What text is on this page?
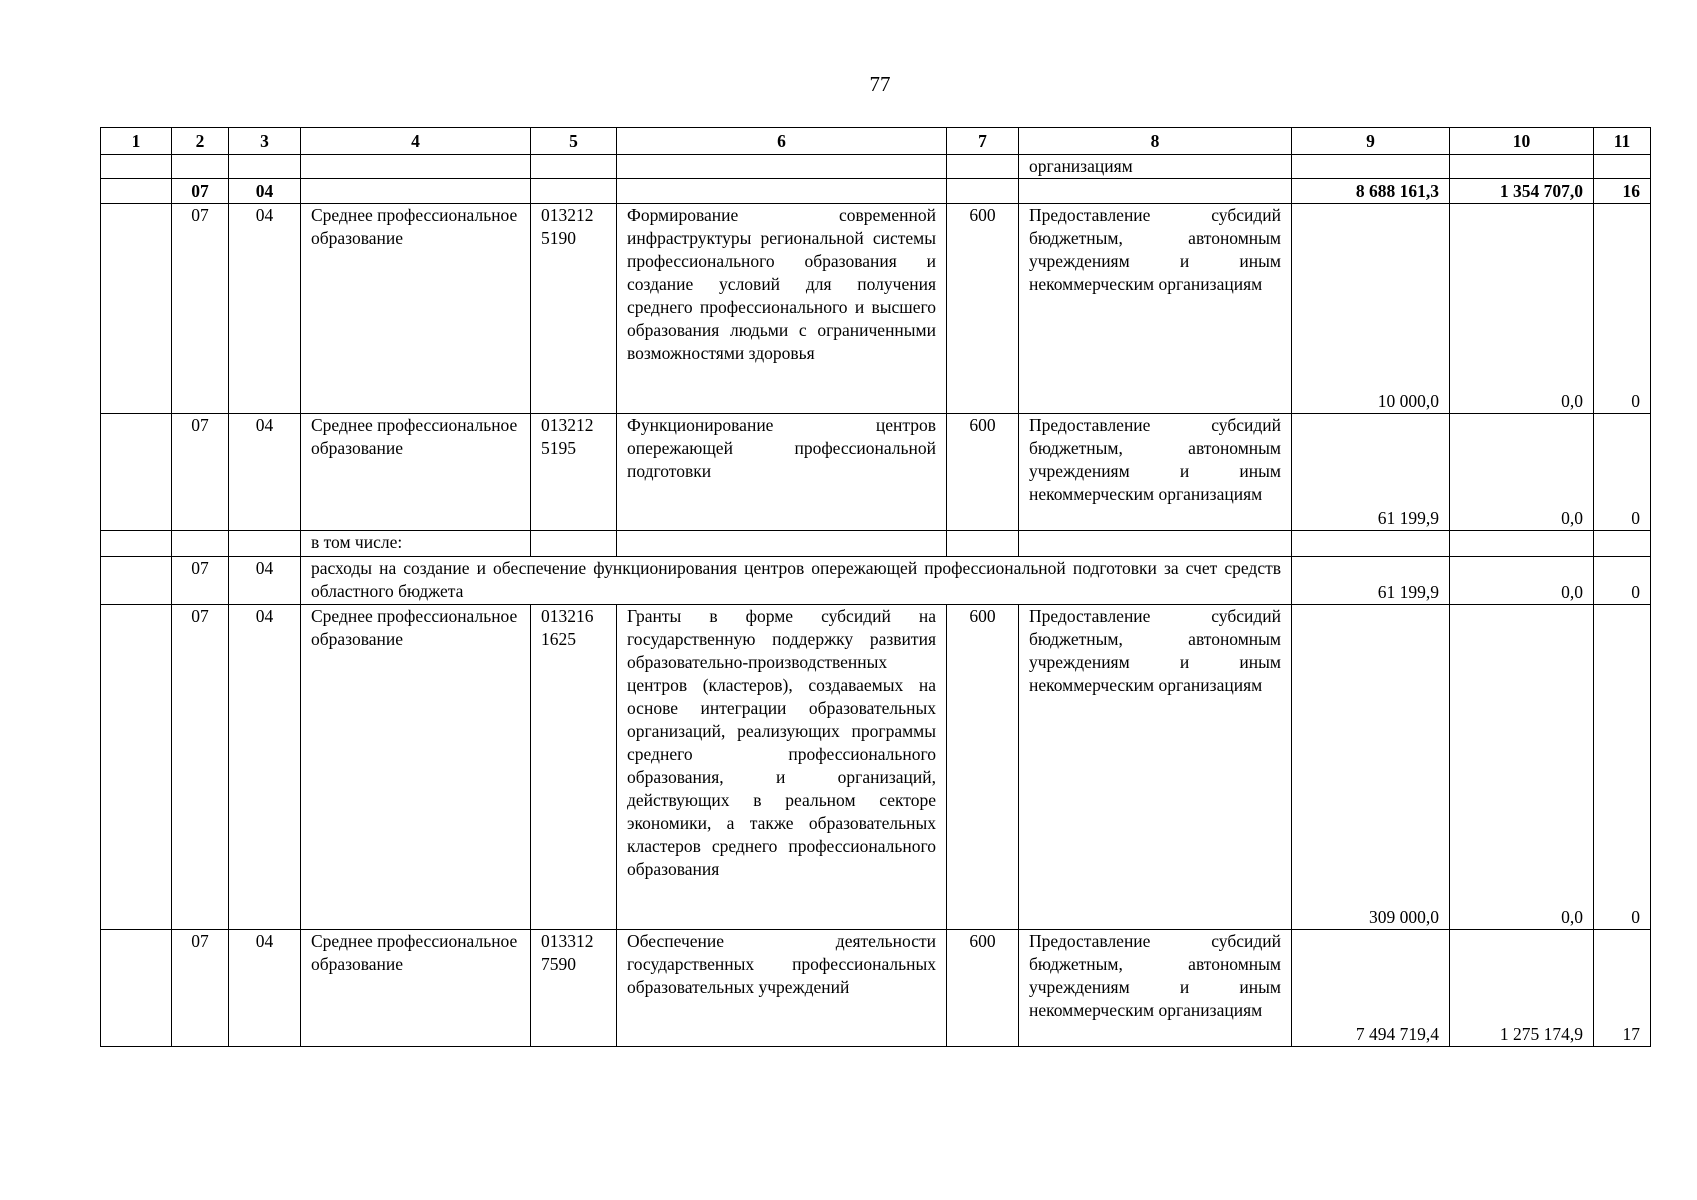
77
1	2	3	4	5	6	7	8	9	10	11
							организациям			
	07	04						8 688 161,3	1 354 707,0	16
	07	04	Среднее профессиональное образование	013212 5190	Формирование современной инфраструктуры региональной системы профессионального образования и создание условий для получения среднего профессионального и высшего образования людьми с ограниченными возможностями здоровья	600	Предоставление субсидий бюджетным, автономным учреждениям и иным некоммерческим организациям	10 000,0	0,0	0
	07	04	Среднее профессиональное образование	013212 5195	Функционирование центров опережающей профессиональной подготовки	600	Предоставление субсидий бюджетным, автономным учреждениям и иным некоммерческим организациям	61 199,9	0,0	0
			в том числе:							
	07	04	расходы на создание и обеспечение функционирования центров опережающей профессиональной подготовки за счет средств областного бюджета					61 199,9	0,0	0
	07	04	Среднее профессиональное образование	013216 1625	Гранты в форме субсидий на государственную поддержку развития образовательно-производственных центров (кластеров), создаваемых на основе интеграции образовательных организаций, реализующих программы среднего профессионального образования, и организаций, действующих в реальном секторе экономики, а также образовательных кластеров среднего профессионального образования	600	Предоставление субсидий бюджетным, автономным учреждениям и иным некоммерческим организациям	309 000,0	0,0	0
	07	04	Среднее профессиональное образование	013312 7590	Обеспечение деятельности государственных профессиональных образовательных учреждений	600	Предоставление субсидий бюджетным, автономным учреждениям и иным некоммерческим организациям	7 494 719,4	1 275 174,9	17
